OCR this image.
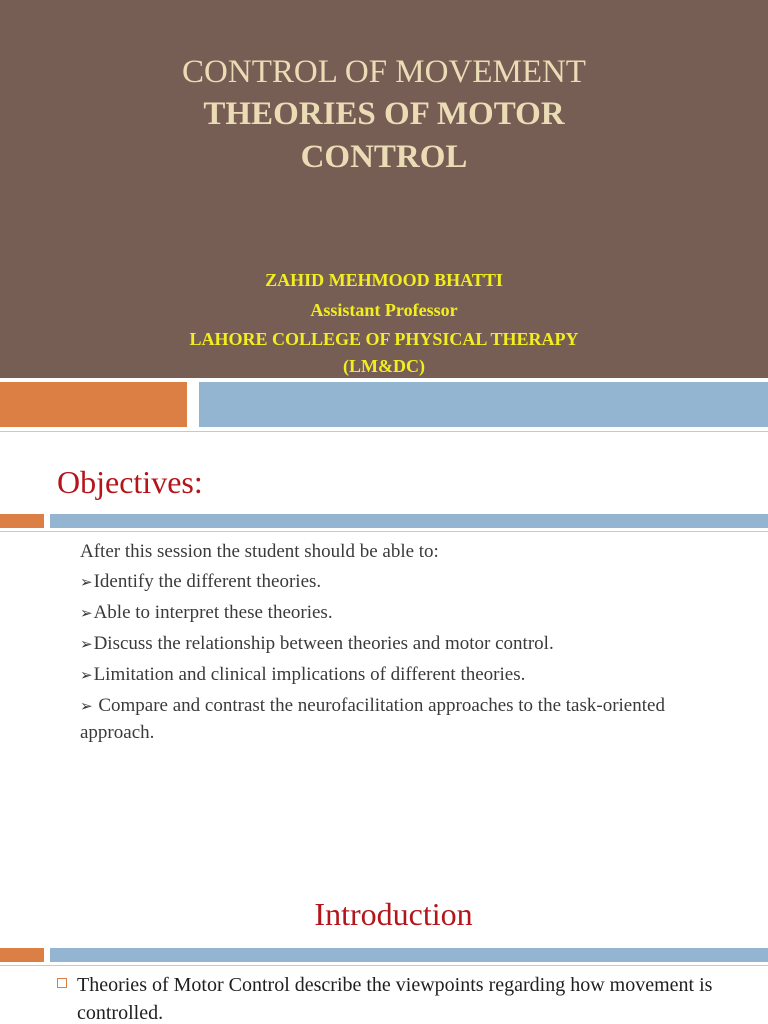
CONTROL OF MOVEMENT
THEORIES OF MOTOR
CONTROL
ZAHID MEHMOOD BHATTI
Assistant Professor
LAHORE COLLEGE OF PHYSICAL THERAPY
(LM&DC)
Objectives:
After this session the student should be able to:
➢Identify the different theories.
➢Able to interpret these theories.
➢Discuss the relationship between theories and motor control.
➢Limitation and clinical implications of different theories.
➢ Compare and contrast the neurofacilitation approaches to the task-oriented approach.
Introduction
Theories of Motor Control describe the viewpoints regarding how movement is controlled.
